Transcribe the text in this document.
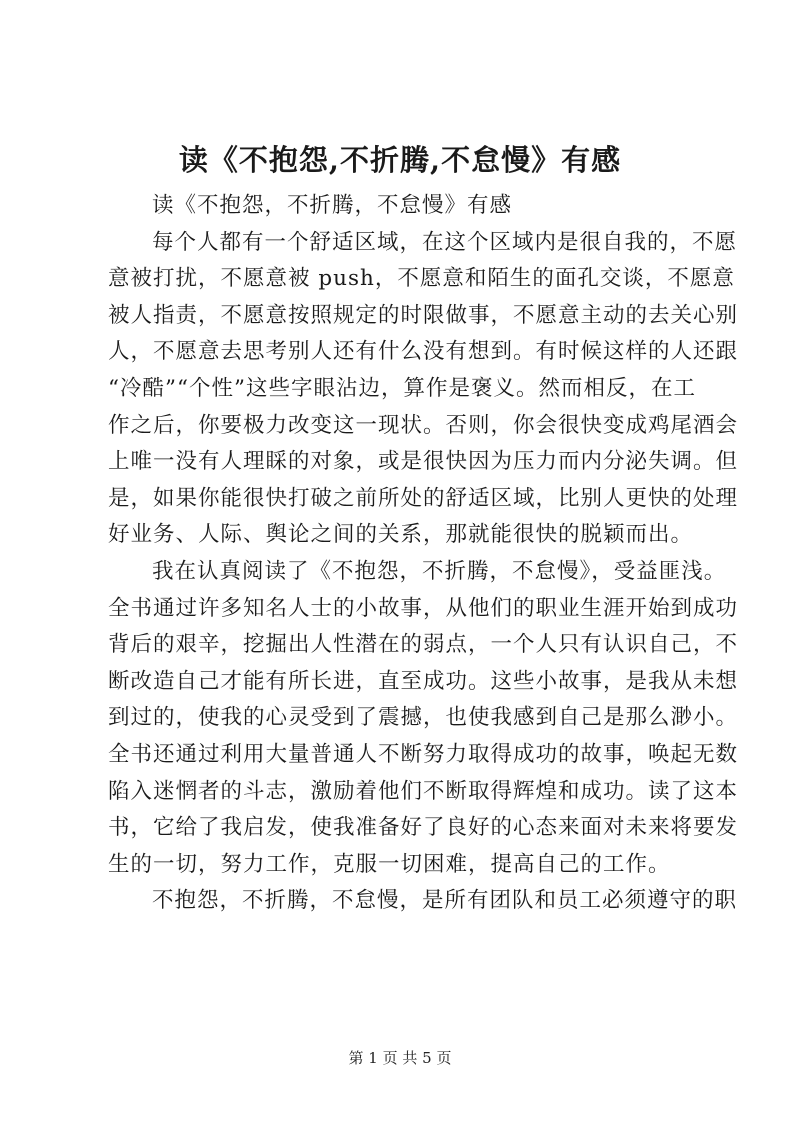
读《不抱怨,不折腾,不怠慢》有感
读《不抱怨，不折腾，不怠慢》有感
每个人都有一个舒适区域，在这个区域内是很自我的，不愿
意被打扰，不愿意被 push，不愿意和陌生的面孔交谈，不愿意
被人指责，不愿意按照规定的时限做事，不愿意主动的去关心别
人，不愿意去思考别人还有什么没有想到。有时候这样的人还跟
“冷酷”“个性”这些字眼沾边，算作是褒义。然而相反，在工
作之后，你要极力改变这一现状。否则，你会很快变成鸡尾酒会
上唯一没有人理睬的对象，或是很快因为压力而内分泌失调。但
是，如果你能很快打破之前所处的舒适区域，比别人更快的处理
好业务、人际、舆论之间的关系，那就能很快的脱颖而出。
我在认真阅读了《不抱怨，不折腾，不怠慢》，受益匪浅。
全书通过许多知名人士的小故事，从他们的职业生涯开始到成功
背后的艰辛，挖掘出人性潜在的弱点，一个人只有认识自己，不
断改造自己才能有所长进，直至成功。这些小故事，是我从未想
到过的，使我的心灵受到了震撼，也使我感到自己是那么渺小。
全书还通过利用大量普通人不断努力取得成功的故事，唤起无数
陷入迷惘者的斗志，激励着他们不断取得辉煌和成功。读了这本
书，它给了我启发，使我准备好了良好的心态来面对未来将要发
生的一切，努力工作，克服一切困难，提高自己的工作。
不抱怨，不折腾，不怠慢，是所有团队和员工必须遵守的职
第 1 页 共 5 页
